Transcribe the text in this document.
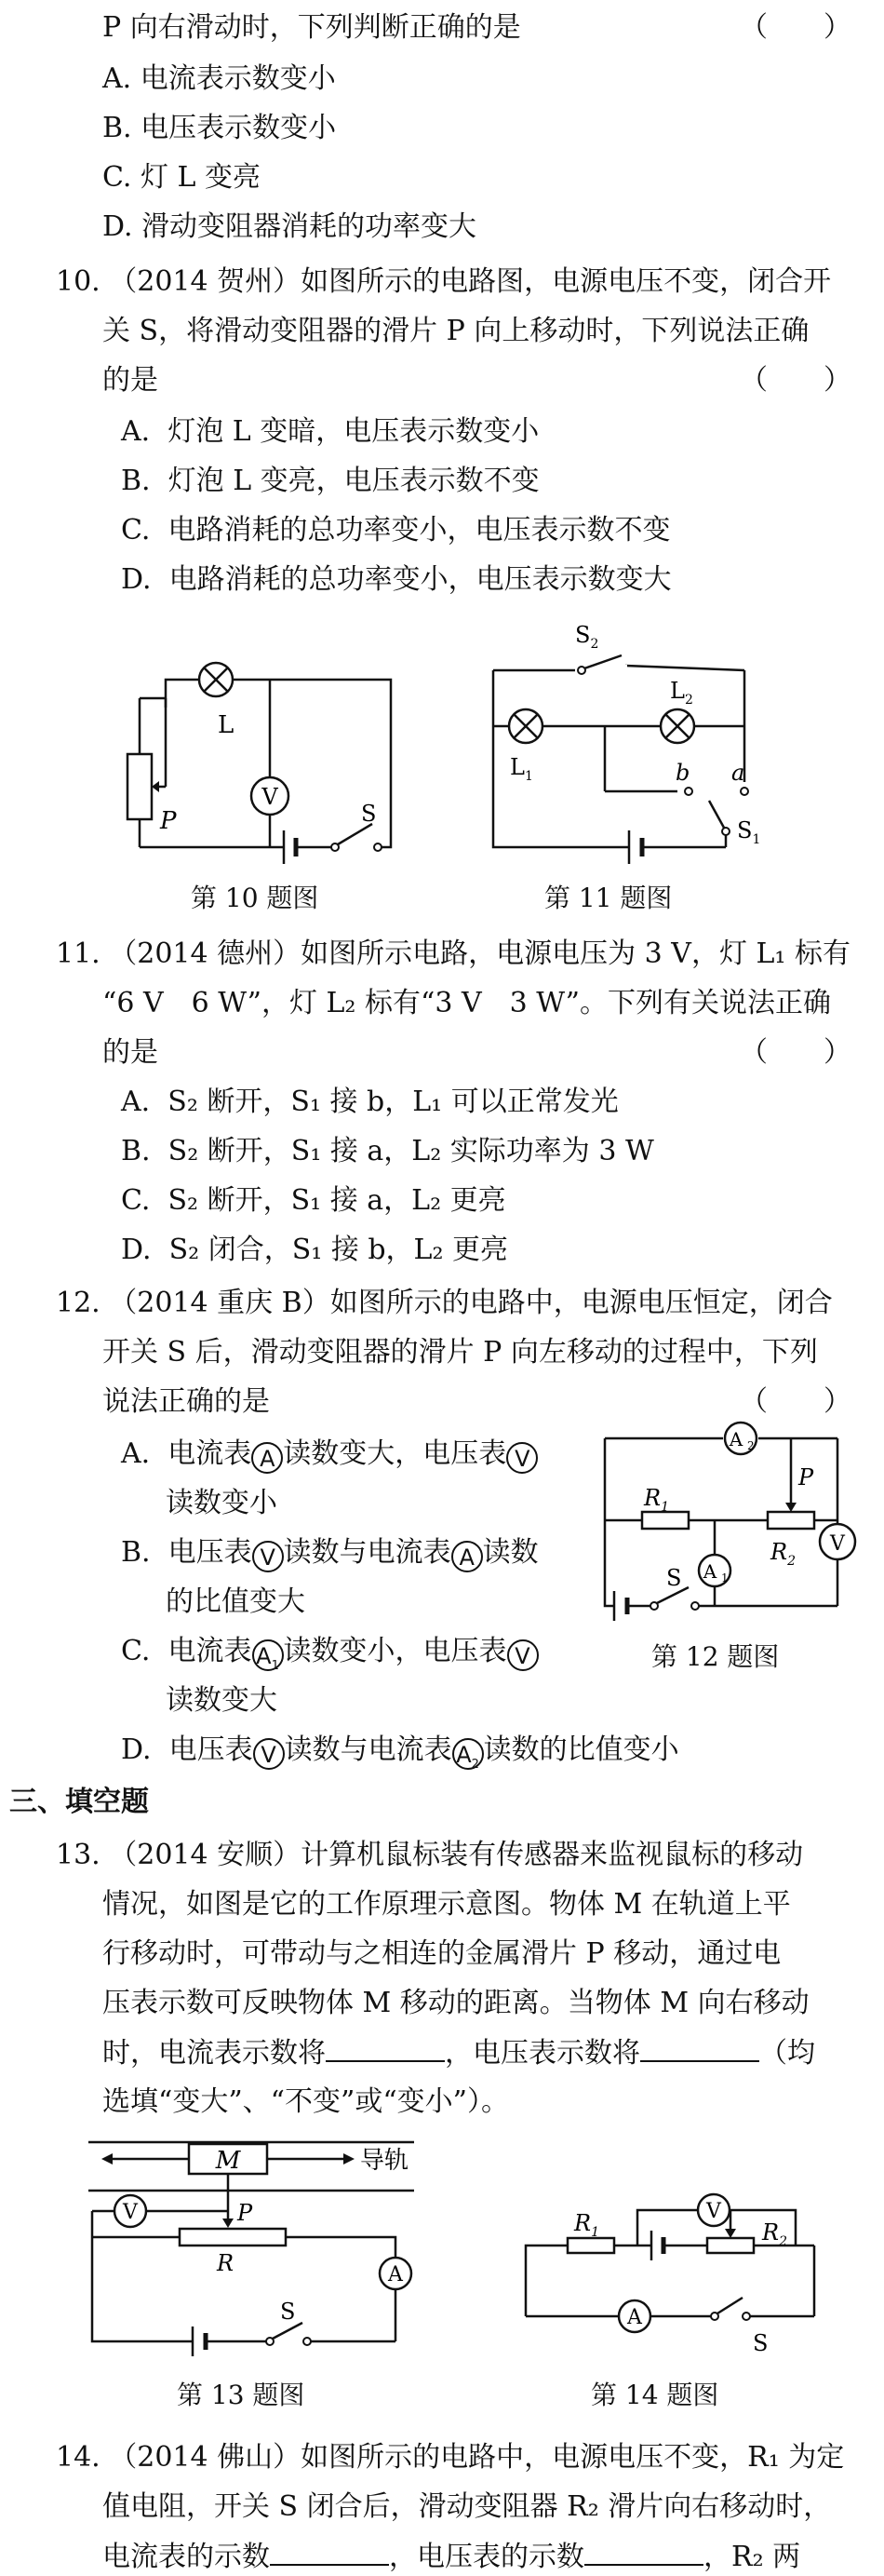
P 向右滑动时，下列判断正确的是	（　　）
A. 电流表示数变小
B. 电压表示数变小
C. 灯 L 变亮
D. 滑动变阻器消耗的功率变大
10. （2014 贺州）如图所示的电路图，电源电压不变，闭合开
关 S，将滑动变阻器的滑片 P 向上移动时，下列说法正确
的是	（　　）
A.  灯泡 L 变暗，电压表示数变小
B.  灯泡 L 变亮，电压表示数不变
C.  电路消耗的总功率变小，电压表示数不变
D.  电路消耗的总功率变小，电压表示数变大
L
V
P	S
第 10 题图
$S_2$
$L_1$
$L_2$
b a
$S_1$
第 11 题图
11. （2014 德州）如图所示电路，电源电压为 3 V，灯 L₁ 标有
“6 V　6 W”，灯 L₂ 标有“3 V　3 W”。下列有关说法正确
的是	（　　）
A.  S₂ 断开，S₁ 接 b，L₁ 可以正常发光
B.  S₂ 断开，S₁ 接 a，L₂ 实际功率为 3 W
C.  S₂ 断开，S₁ 接 a，L₂ 更亮
D.  S₂ 闭合，S₁ 接 b，L₂ 更亮
12. （2014 重庆 B）如图所示的电路中，电源电压恒定，闭合
开关 S 后，滑动变阻器的滑片 P 向左移动的过程中，下列
说法正确的是	（　　）
A.  电流表 A 读数变大，电压表 V
读数变小
B.  电压表 V 读数与电流表 A 读数
的比值变大
C.  电流表 $A_1$ 读数变小，电压表 V
读数变大
D.  电压表 V 读数与电流表 $A_2$ 读数的比值变小
A 2
$R_1$
P
$R_2$
A 1
V
S
第 12 题图
三、填空题
13. （2014 安顺）计算机鼠标装有传感器来监视鼠标的移动
情况，如图是它的工作原理示意图。物体 M 在轨道上平
行移动时，可带动与之相连的金属滑片 P 移动，通过电
压表示数可反映物体 M 移动的距离。当物体 M 向右移动
时，电流表示数将	，电压表示数将	（均
选填“变大”、“不变”或“变小”）。
M	导轨
V	P
R	A
S
第 13 题图
V
$R_1$	$R_2$
A
S
第 14 题图
14. （2014 佛山）如图所示的电路中，电源电压不变，R₁ 为定
值电阻，开关 S 闭合后，滑动变阻器 R₂ 滑片向右移动时，
电流表的示数	，电压表的示数	，R₂ 两
